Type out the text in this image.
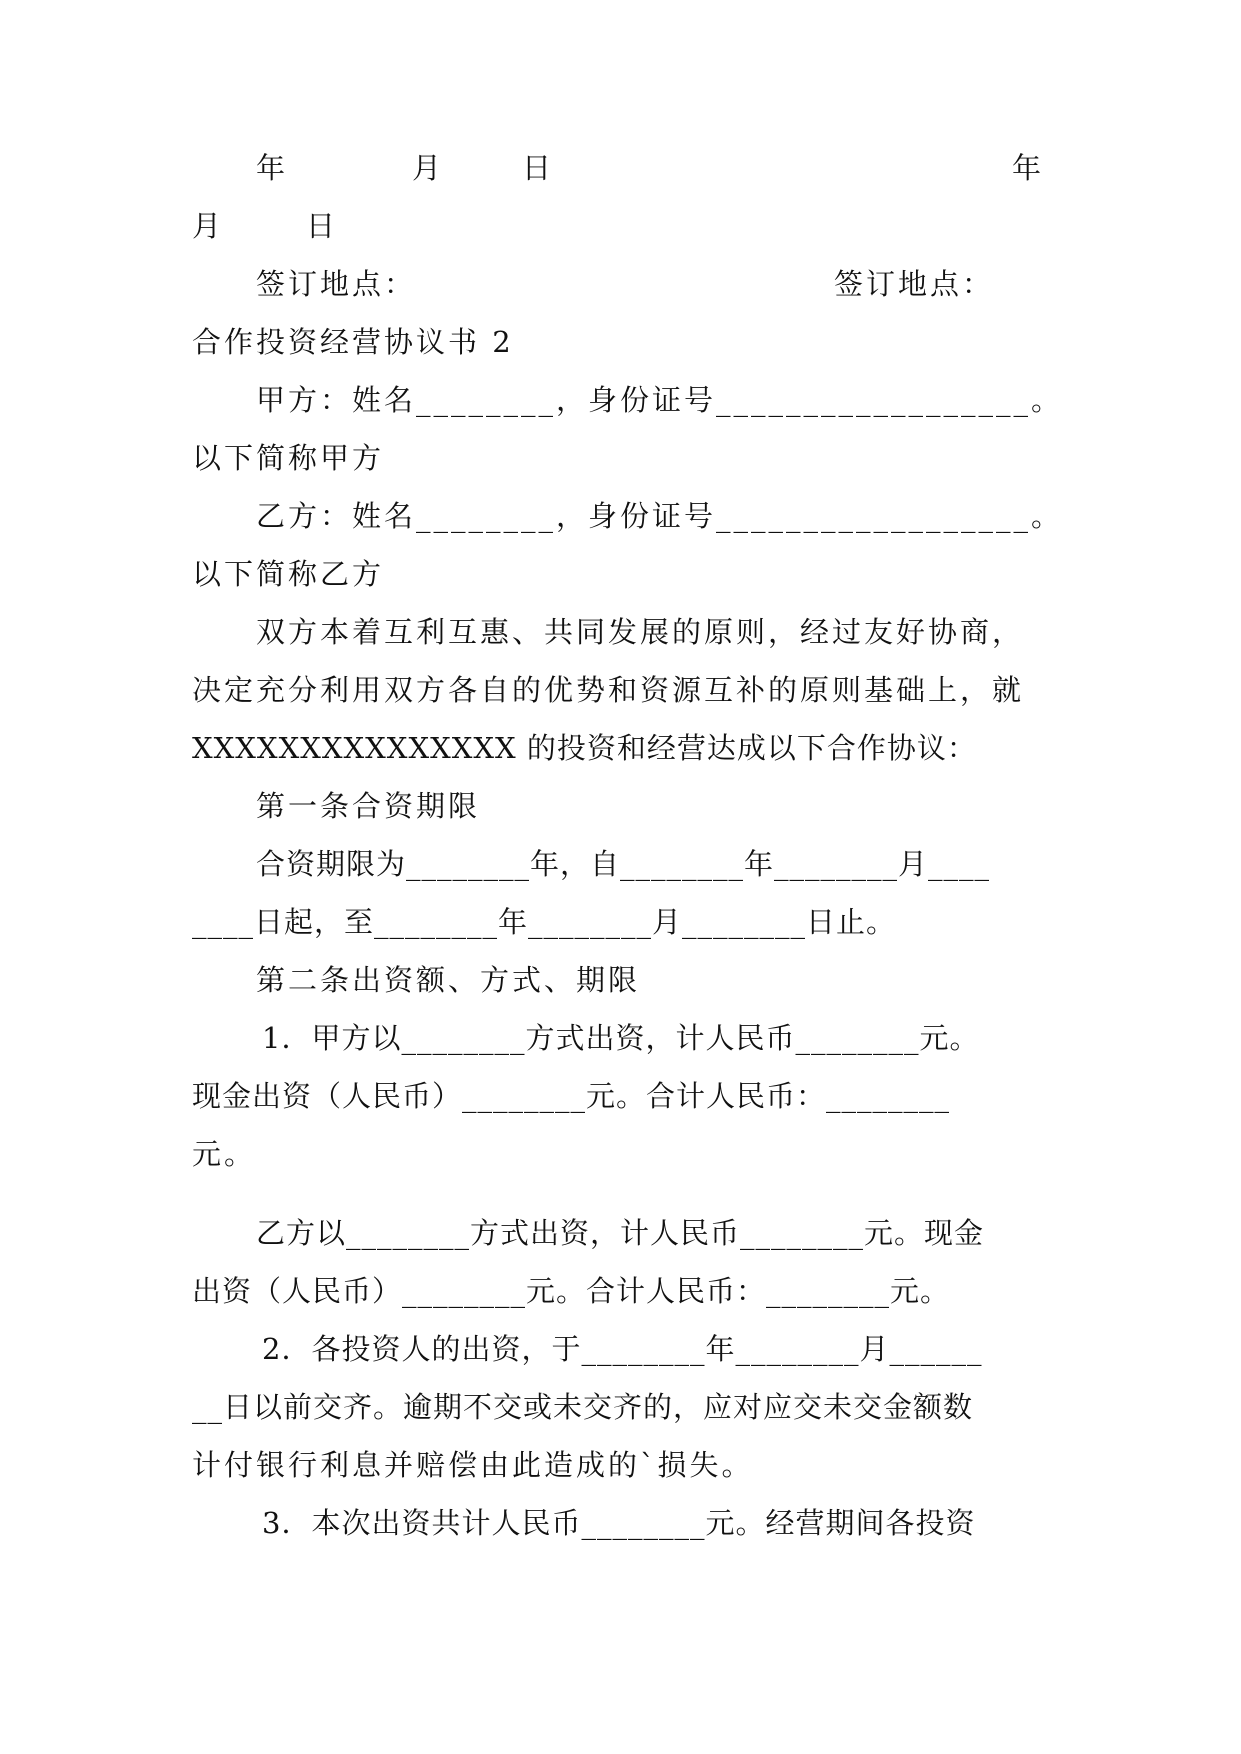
年	月	日	年
月	日
签订地点：	签订地点：
合作投资经营协议书 2
甲方：姓名________，身份证号__________________。
以下简称甲方
乙方：姓名________，身份证号__________________。
以下简称乙方
双方本着互利互惠、共同发展的原则，经过友好协商，
决定充分利用双方各自的优势和资源互补的原则基础上，就
XXXXXXXXXXXXXXX 的投资和经营达成以下合作协议：
第一条合资期限
合资期限为________年，自________年________月____
____日起，至________年________月________日止。
第二条出资额、方式、期限
1．甲方以________方式出资，计人民币________元。
现金出资（人民币）________元。合计人民币：________
元。
乙方以________方式出资，计人民币________元。现金
出资（人民币）________元。合计人民币：________元。
2．各投资人的出资，于________年________月______
__日以前交齐。逾期不交或未交齐的，应对应交未交金额数
计付银行利息并赔偿由此造成的`损失。
3．本次出资共计人民币________元。经营期间各投资
